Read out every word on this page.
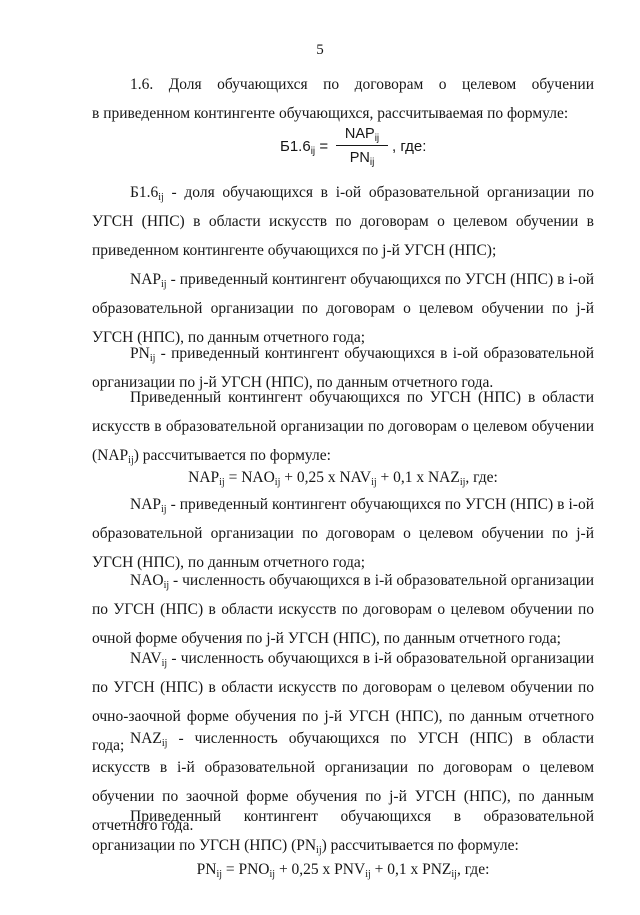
5

1.6. Доля обучающихся по договорам о целевом обучении

в приведенном контингенте обучающихся, рассчитываемая по формуле:

$Б1.6_{ij}$ =
$NAP_{ij}$
$PN_{ij}$
, где:

$Б1.6_{ij}$ - доля обучающихся в i-ой образовательной организации по УГСН (НПС) в области искусств по договорам о целевом обучении в приведенном контингенте обучающихся по j-й УГСН (НПС);

$NAP_{ij}$ - приведенный контингент обучающихся по УГСН (НПС) в i-ой образовательной организации по договорам о целевом обучении по j-й УГСН (НПС), по данным отчетного года;

$PN_{ij}$ - приведенный контингент обучающихся в i-ой образовательной организации по j-й УГСН (НПС), по данным отчетного года.

Приведенный контингент обучающихся по УГСН (НПС) в области искусств в образовательной организации по договорам о целевом обучении $(NAP_{ij})$ рассчитывается по формуле:

$NAP_{ij} = NAO_{ij} + 0,25$ x $NAV_{ij} + 0,1$ x $NAZ_{ij}$, где:

$NAP_{ij}$ - приведенный контингент обучающихся по УГСН (НПС) в i-ой образовательной организации по договорам о целевом обучении по j-й УГСН (НПС), по данным отчетного года;

$NAO_{ij}$ - численность обучающихся в i-й образовательной организации по УГСН (НПС) в области искусств по договорам о целевом обучении по очной форме обучения по j-й УГСН (НПС), по данным отчетного года;

$NAV_{ij}$ - численность обучающихся в i-й образовательной организации по УГСН (НПС) в области искусств по договорам о целевом обучении по очно-заочной форме обучения по j-й УГСН (НПС), по данным отчетного года; $NAZ_{ij}$ - численность обучающихся по УГСН (НПС) в области искусств в i-й образовательной организации по договорам о целевом обучении по заочной форме обучения по j-й УГСН (НПС), по данным отчетного года.

Приведенный контингент обучающихся в образовательной организации по УГСН (НПС) $(PN_{ij})$ рассчитывается по формуле:

$PN_{ij} = PNO_{ij} + 0,25$ x $PNV_{ij} + 0,1$ x $PNZ_{ij}$, где:
